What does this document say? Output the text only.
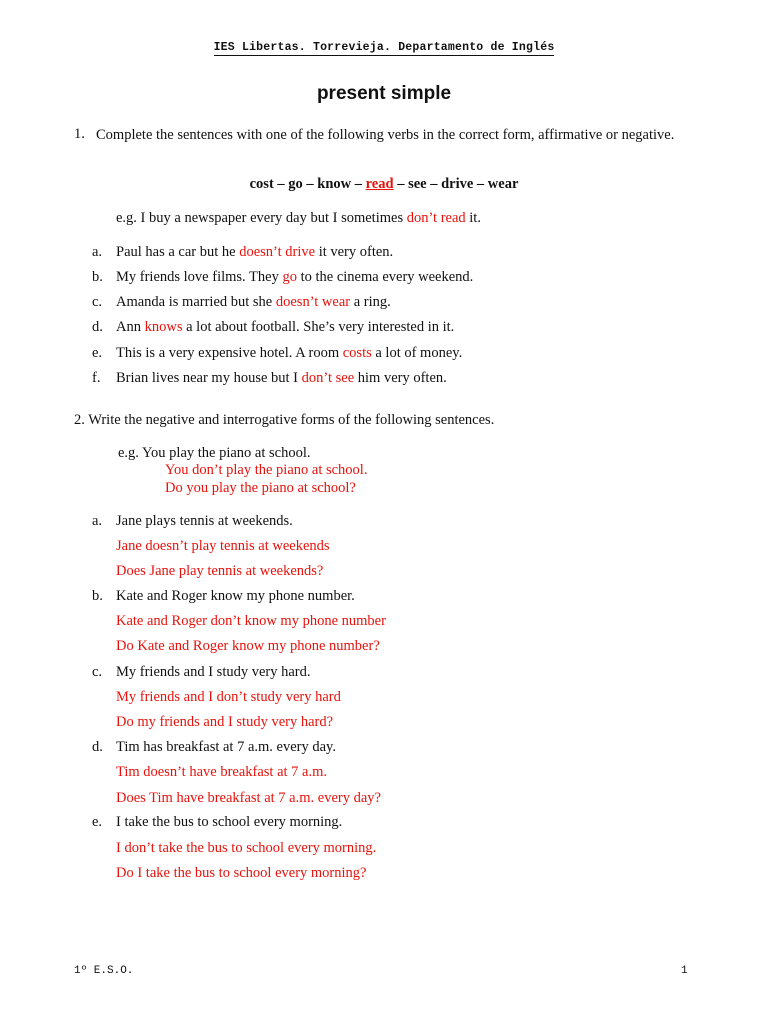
IES Libertas. Torrevieja. Departamento de Inglés
present simple
1. Complete the sentences with one of the following verbs in the correct form, affirmative or negative.
cost – go – know – read – see – drive – wear
e.g. I buy a newspaper every day but I sometimes don’t read it.
a. Paul has a car but he doesn’t drive it very often.
b. My friends love films. They go to the cinema every weekend.
c. Amanda is married but she doesn’t wear a ring.
d. Ann knows a lot about football. She’s very interested in it.
e. This is a very expensive hotel. A room costs a lot of money.
f. Brian lives near my house but I don’t see him very often.
2. Write the negative and interrogative forms of the following sentences.
e.g. You play the piano at school.
You don’t play the piano at school.
Do you play the piano at school?
a. Jane plays tennis at weekends.
Jane doesn’t play tennis at weekends
Does Jane play tennis at weekends?
b. Kate and Roger know my phone number.
Kate and Roger don’t know my phone number
Do Kate and Roger know my phone number?
c. My friends and I study very hard.
My friends and I don’t study very hard
Do my friends and I study very hard?
d. Tim has breakfast at 7 a.m. every day.
Tim doesn’t have breakfast at 7 a.m.
Does Tim have breakfast at 7 a.m. every day?
e. I take the bus to school every morning.
I don’t take the bus to school every morning.
Do I take the bus to school every morning?
1º E.S.O.	1
